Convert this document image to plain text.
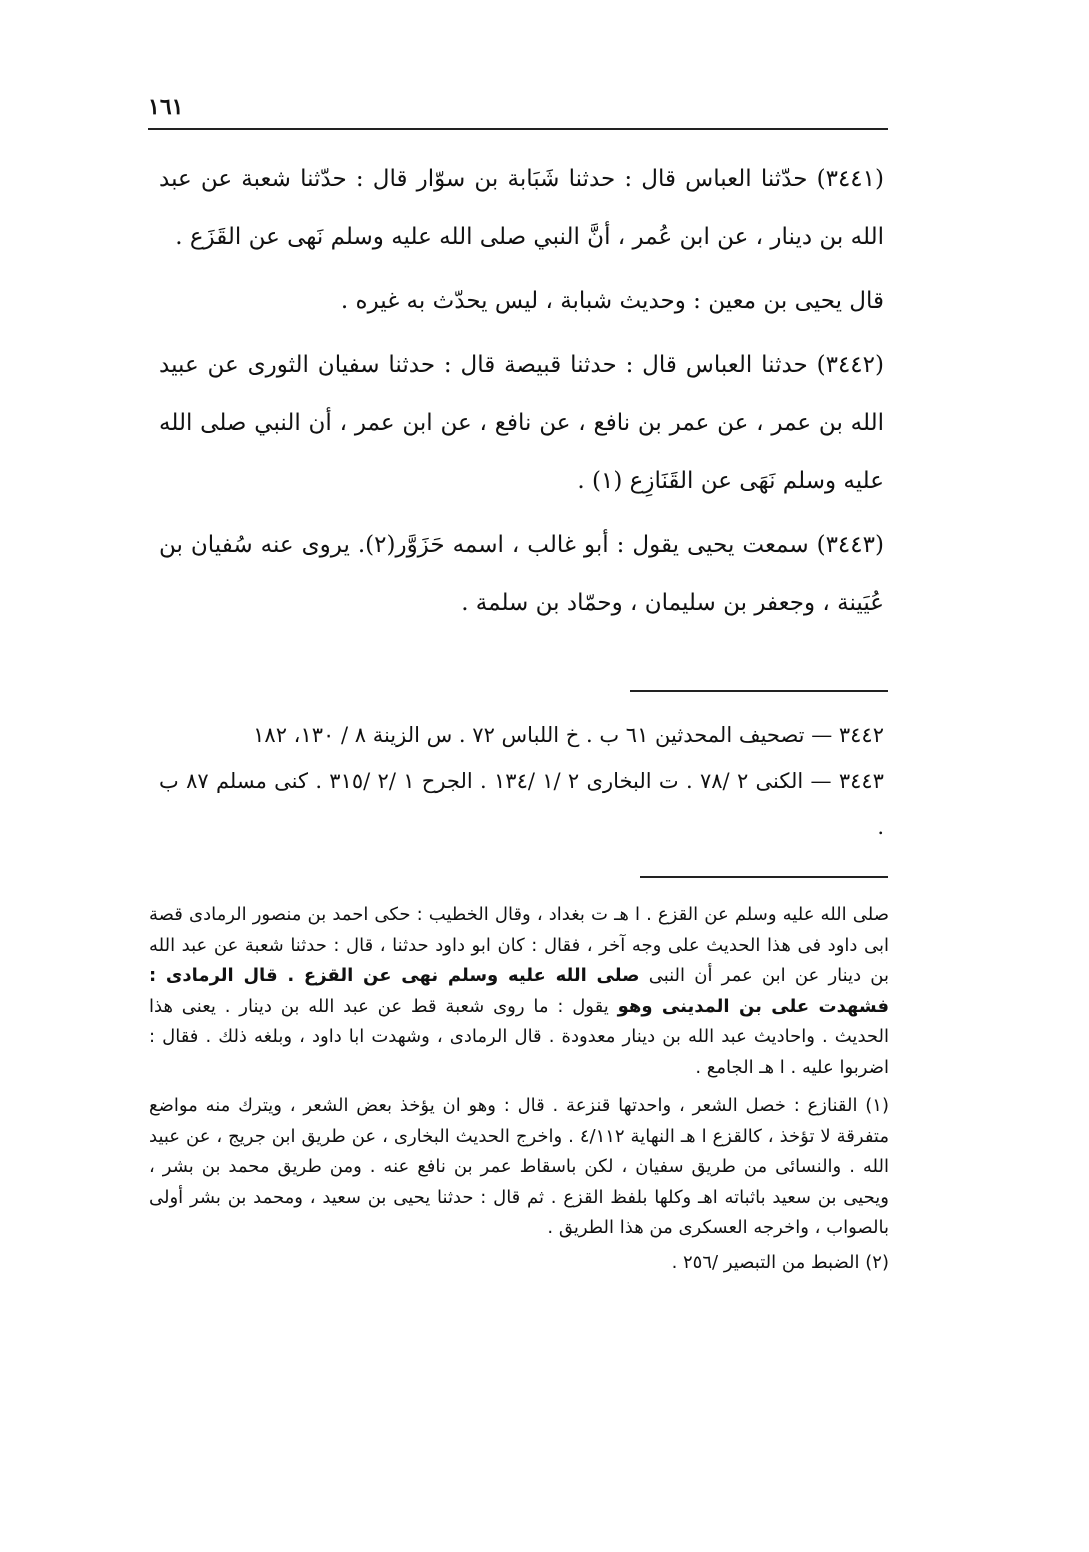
١٦١

(٣٤٤١) حدّثنا العباس قال : حدثنا شَبَابة بن سوّار قال : حدّثنا شعبة عن عبد الله بن دينار ، عن ابن عُمر ، أنَّ النبي صلى الله عليه وسلم نَهى عن القَزَع .

قال يحيى بن معين : وحديث شبابة ، ليس يحدّث به غيره .

(٣٤٤٢) حدثنا العباس قال : حدثنا قبيصة قال : حدثنا سفيان الثورى عن عبيد الله بن عمر ، عن عمر بن نافع ، عن نافع ، عن ابن عمر ، أن النبي صلى الله عليه وسلم نَهَى عن القَنَازِع (١) .

(٣٤٤٣) سمعت يحيى يقول : أبو غالب ، اسمه حَزَوَّر(٢). يروى عنه سُفيان بن عُيَينة ، وجعفر بن سليمان ، وحمّاد بن سلمة .

٣٤٤٢ — تصحيف المحدثين ٦١ ب . خ اللباس ٧٢ . س الزينة ٨ / ١٣٠، ١٨٢

٣٤٤٣ — الكنى ٢ /٧٨ . ت البخارى ٢ /١ /١٣٤ . الجرح ١ /٢ /٣١٥ . كنى مسلم ٨٧ ب .

صلى الله عليه وسلم عن القزع . ا هـ ت بغداد ، وقال الخطيب : حكى احمد بن منصور الرمادى قصة ابى داود فى هذا الحديث على وجه آخر ، فقال : كان ابو داود حدثنا ، قال : حدثنا شعبة عن عبد الله بن دينار عن ابن عمر أن النبى صلى الله عليه وسلم نهى عن القزع . قال الرمادى : فشهدت على بن المدينى وهو يقول : ما روى شعبة قط عن عبد الله بن دينار . يعنى هذا الحديث . واحاديث عبد الله بن دينار معدودة . قال الرمادى ، وشهدت ابا داود ، وبلغه ذلك . فقال : اضربوا عليه . ا هـ الجامع .

(١) القنازع : خصل الشعر ، واحدتها قنزعة . قال : وهو ان يؤخذ بعض الشعر ، ويترك منه مواضع متفرقة لا تؤخذ ، كالقزع ا هـ النهاية ٤/١١٢ . واخرج الحديث البخارى ، عن طريق ابن جريج ، عن عبيد الله . والنسائى من طريق سفيان ، لكن باسقاط عمر بن نافع عنه . ومن طريق محمد بن بشر ، ويحيى بن سعيد باثباته اهـ وكلها بلفظ القزع . ثم قال : حدثنا يحيى بن سعيد ، ومحمد بن بشر أولى بالصواب ، واخرجه العسكرى من هذا الطريق .

(٢) الضبط من التبصير /٢٥٦ .
